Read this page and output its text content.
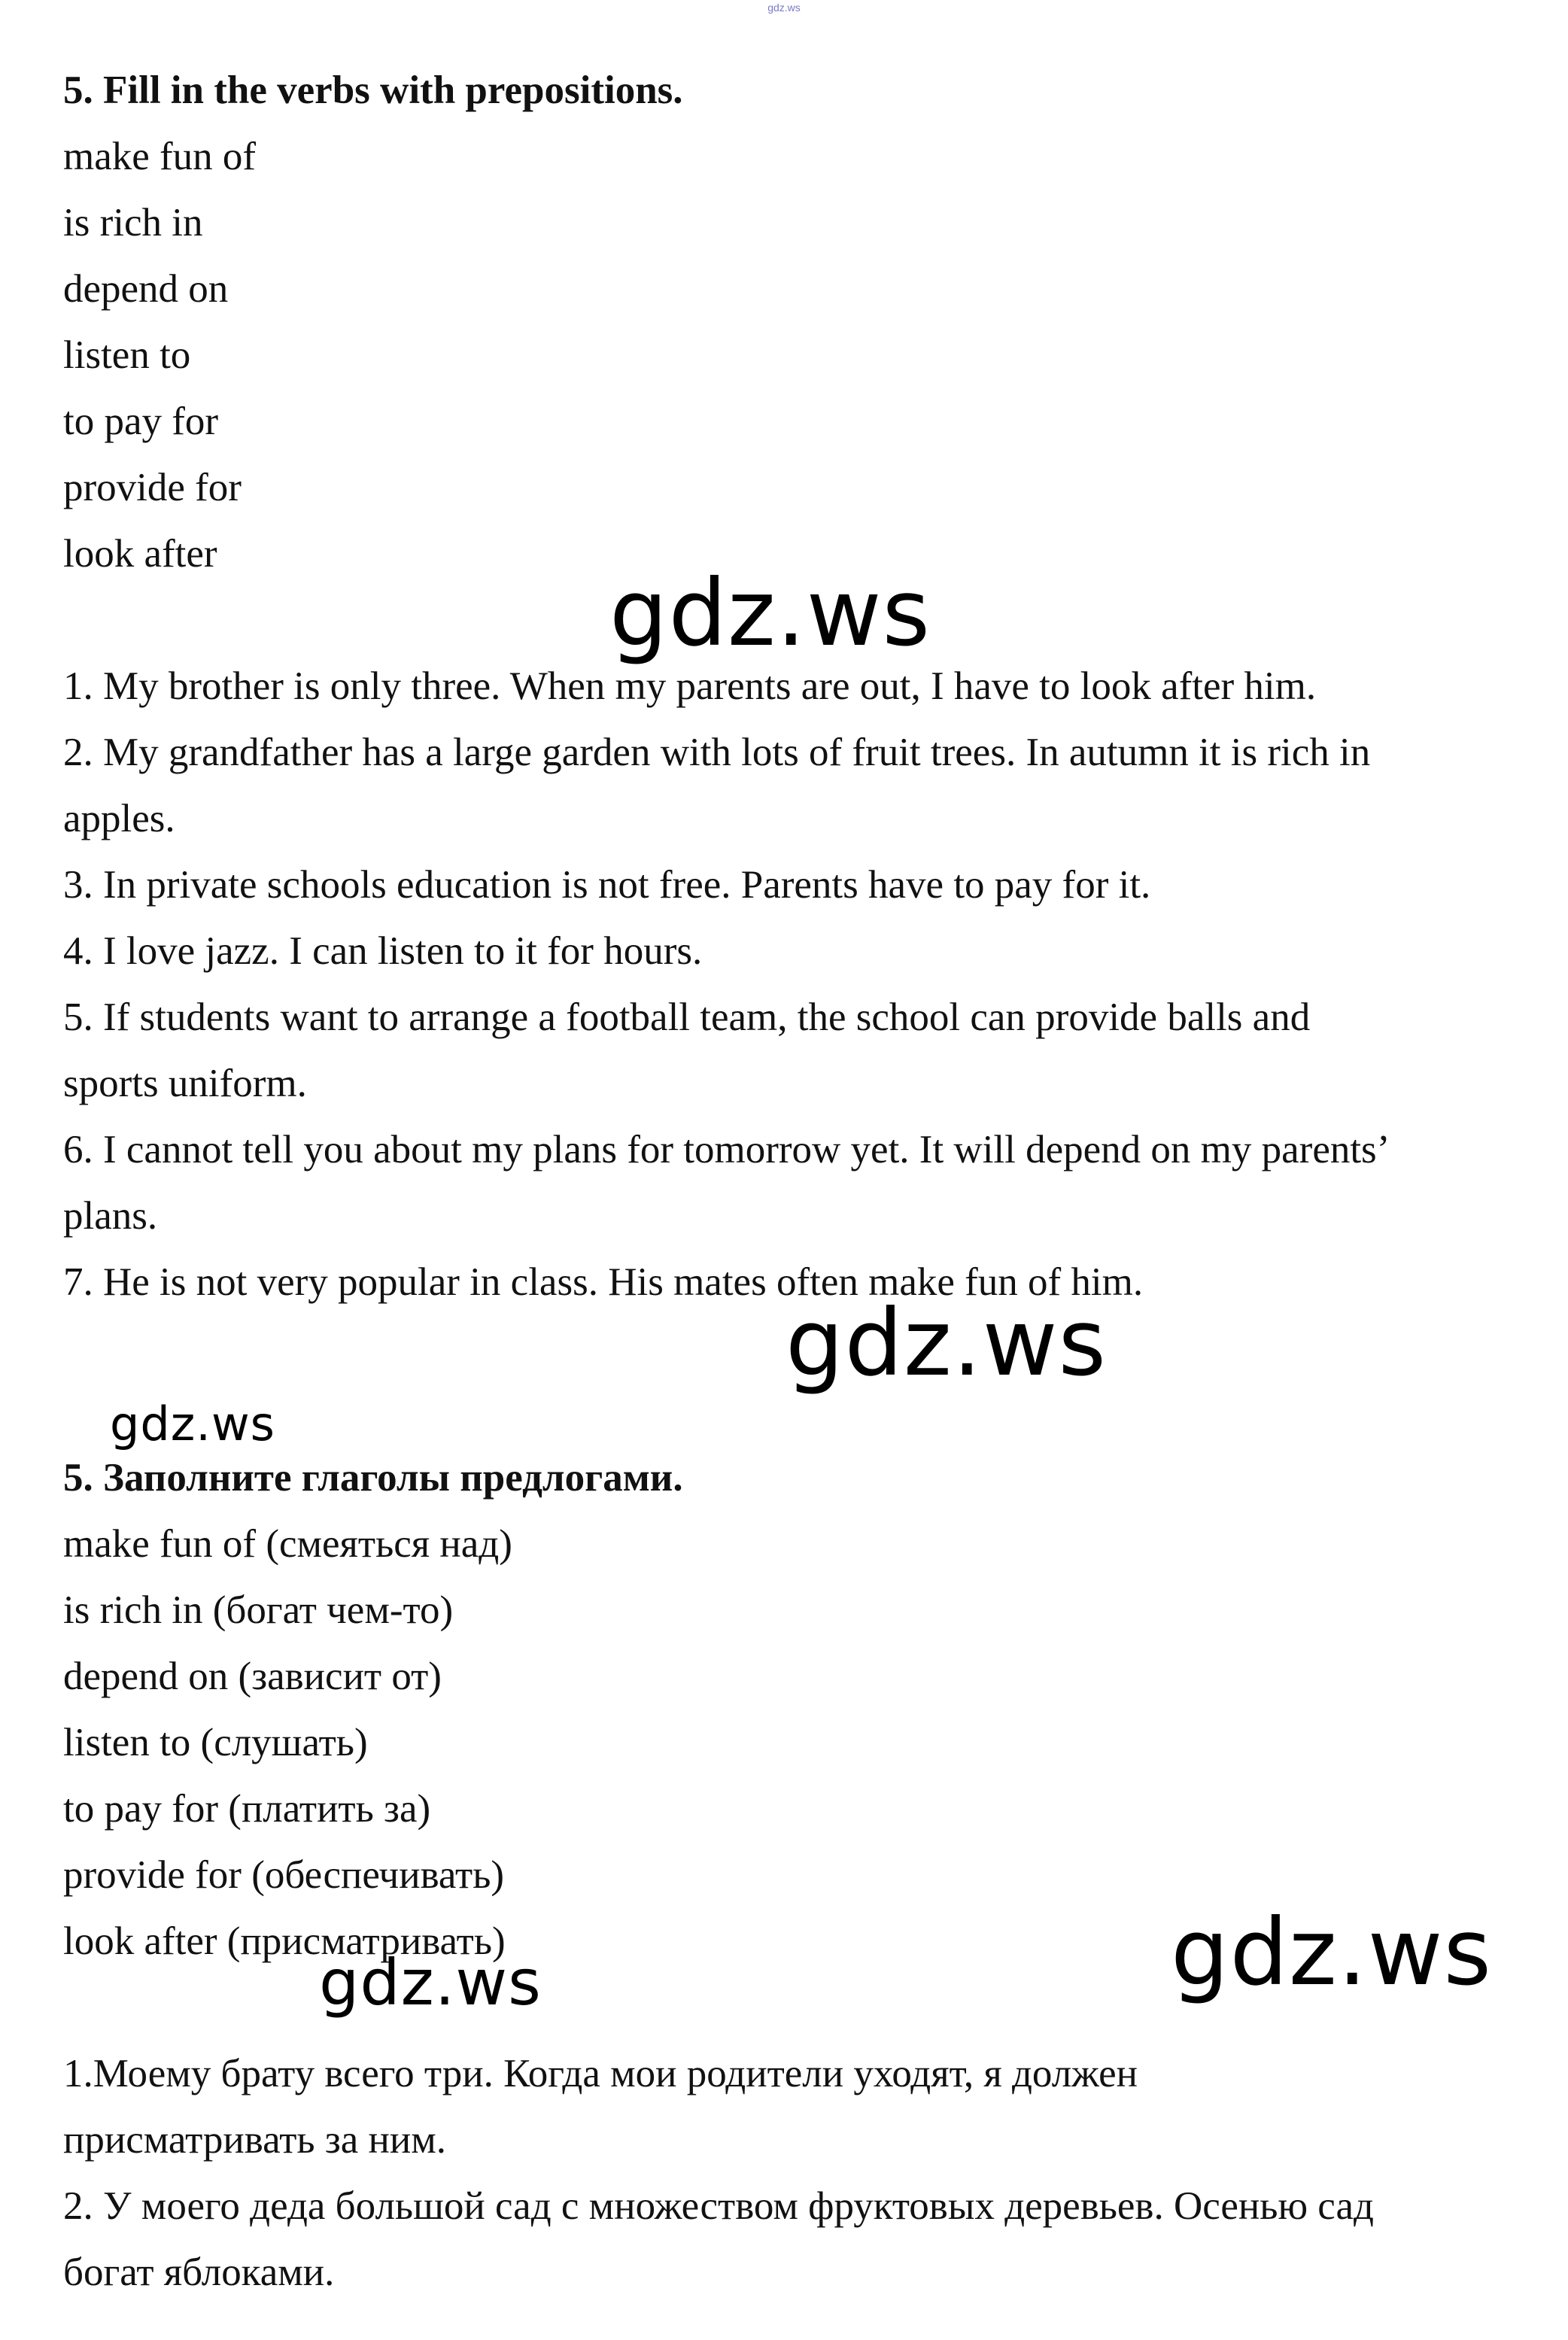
gdz.ws
5. Fill in the verbs with prepositions.
make fun of
is rich in
depend on
listen to
to pay for
provide for
look after
1. My brother is only three. When my parents are out, I have to look after him.
2. My grandfather has a large garden with lots of fruit trees. In autumn it is rich in
apples.
3. In private schools education is not free. Parents have to pay for it.
4. I love jazz. I can listen to it for hours.
5. If students want to arrange a football team, the school can provide balls and
sports uniform.
6. I cannot tell you about my plans for tomorrow yet. It will depend on my parents’
plans.
7. He is not very popular in class. His mates often make fun of him.
5. Заполните глаголы предлогами.
make fun of (смеяться над)
is rich in (богат чем-то)
depend on (зависит от)
listen to (слушать)
to pay for (платить за)
provide for (обеспечивать)
look after (присматривать)
1.Моему брату всего три. Когда мои родители уходят, я должен
присматривать за ним.
2. У моего деда большой сад с множеством фруктовых деревьев. Осенью сад
богат яблоками.
gdz.ws
gdz.ws
gdz.ws
gdz.ws	gdz.ws
